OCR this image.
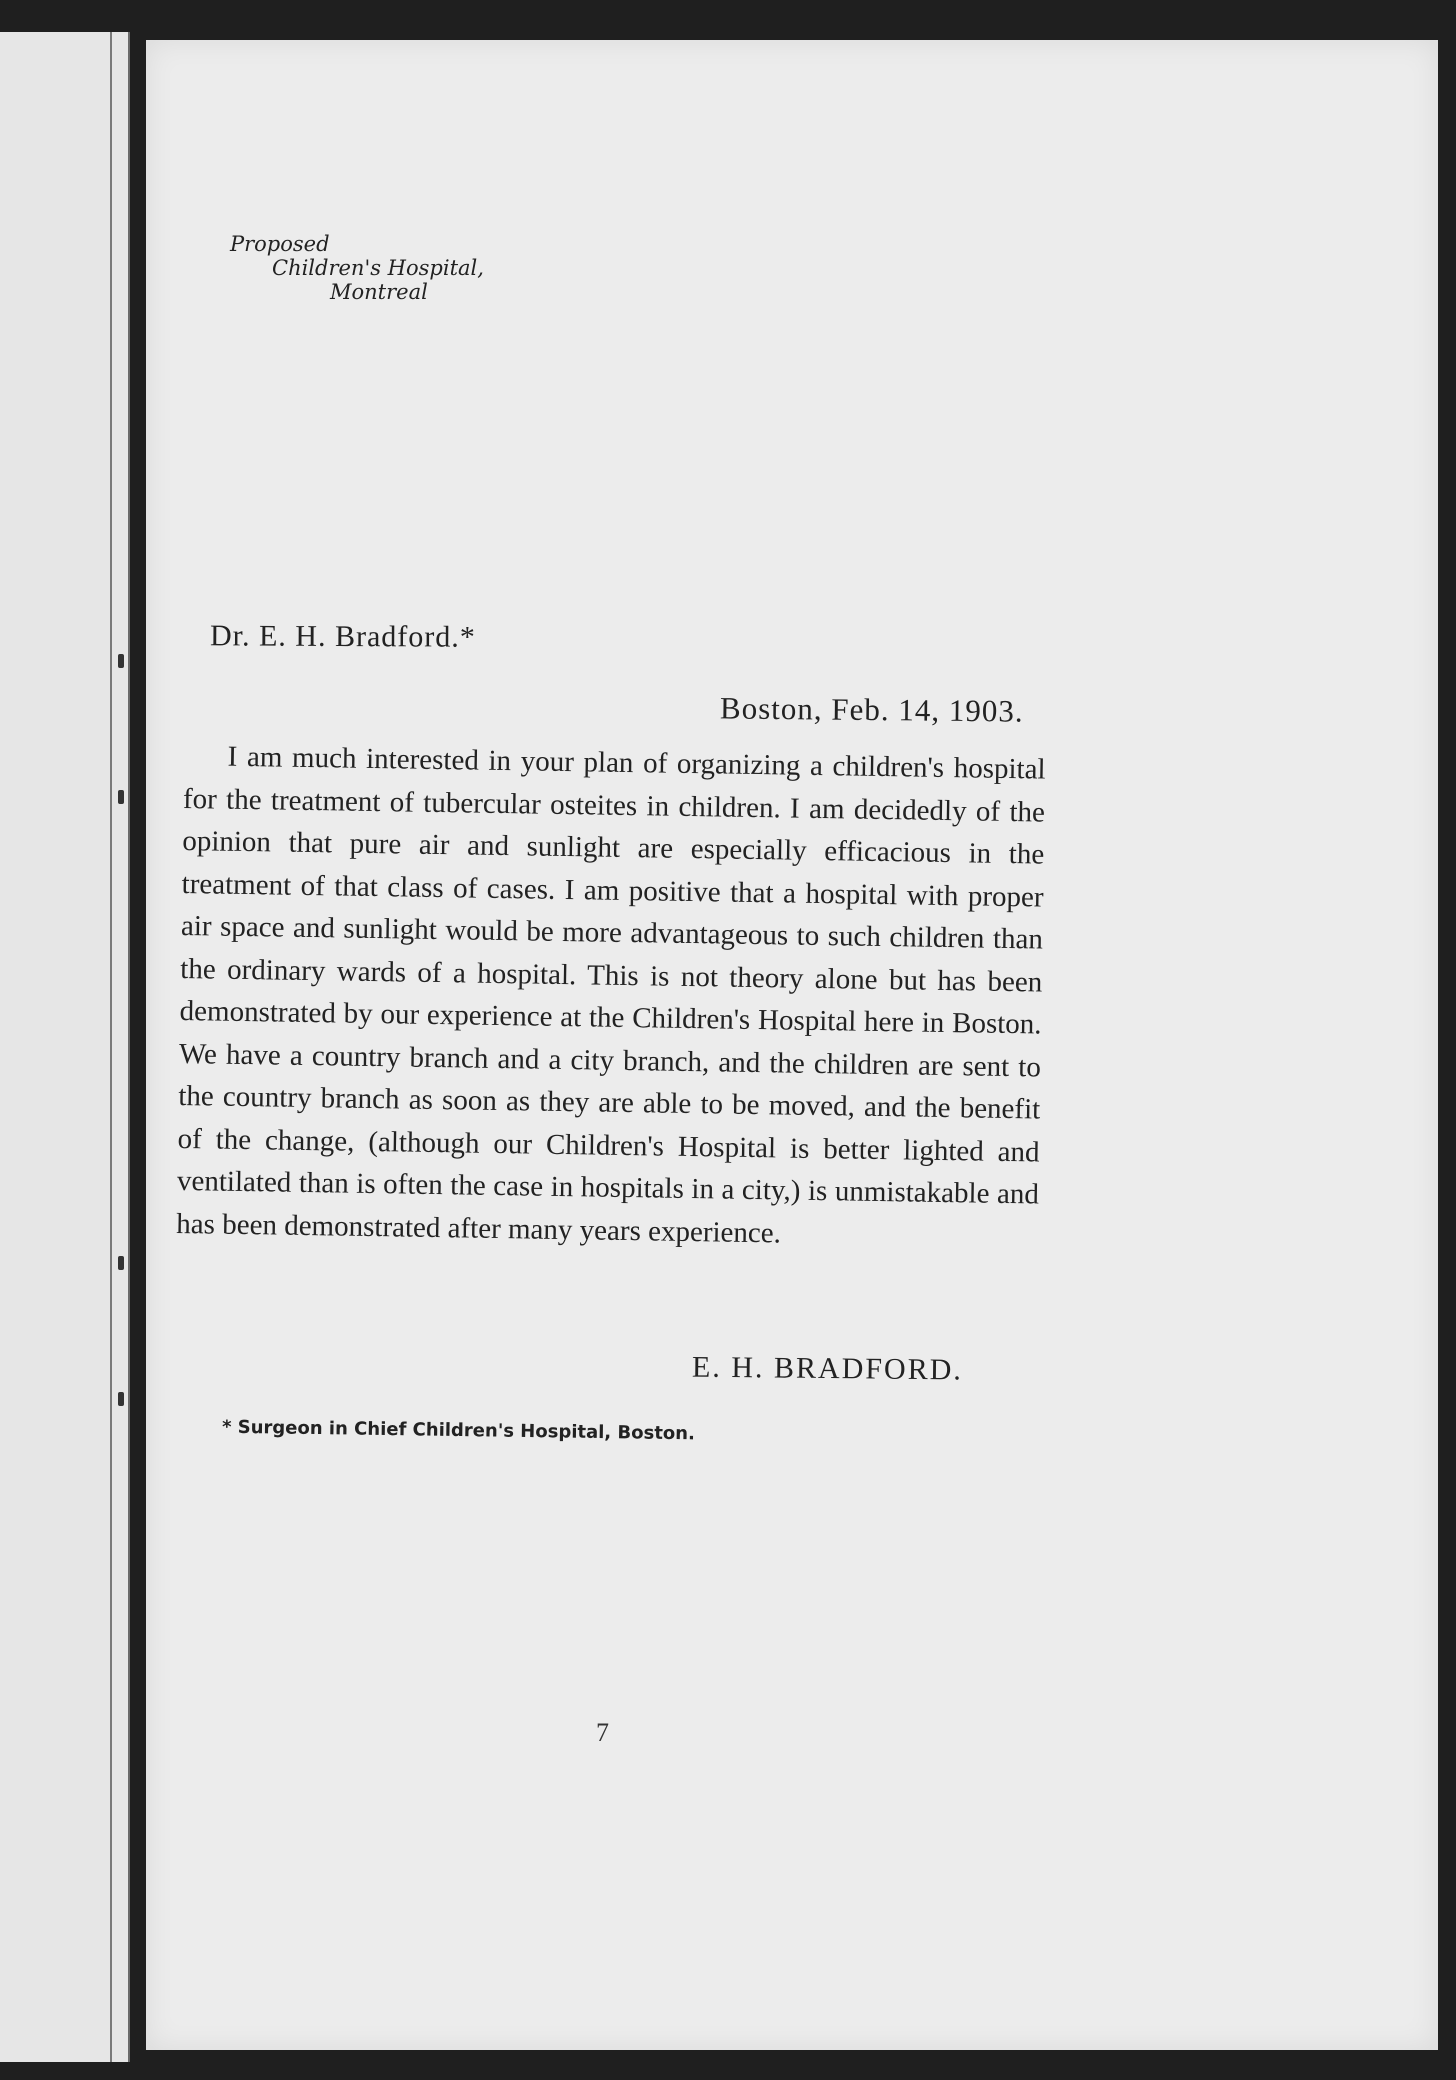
Proposed
Children's Hospital,
Montreal
Dr. E. H. Bradford.*
Boston, Feb. 14, 1903.
I am much interested in your plan of organizing a children's hospital for the treatment of tubercular osteites in children. I am decidedly of the opinion that pure air and sunlight are especially efficacious in the treatment of that class of cases. I am positive that a hospital with proper air space and sunlight would be more advantageous to such children than the ordinary wards of a hospital. This is not theory alone but has been demonstrated by our experience at the Children's Hospital here in Boston. We have a country branch and a city branch, and the children are sent to the country branch as soon as they are able to be moved, and the benefit of the change, (although our Children's Hospital is better lighted and ventilated than is often the case in hospitals in a city,) is unmistakable and has been demonstrated after many years experience.
E. H. BRADFORD.
* Surgeon in Chief Children's Hospital, Boston.
7
